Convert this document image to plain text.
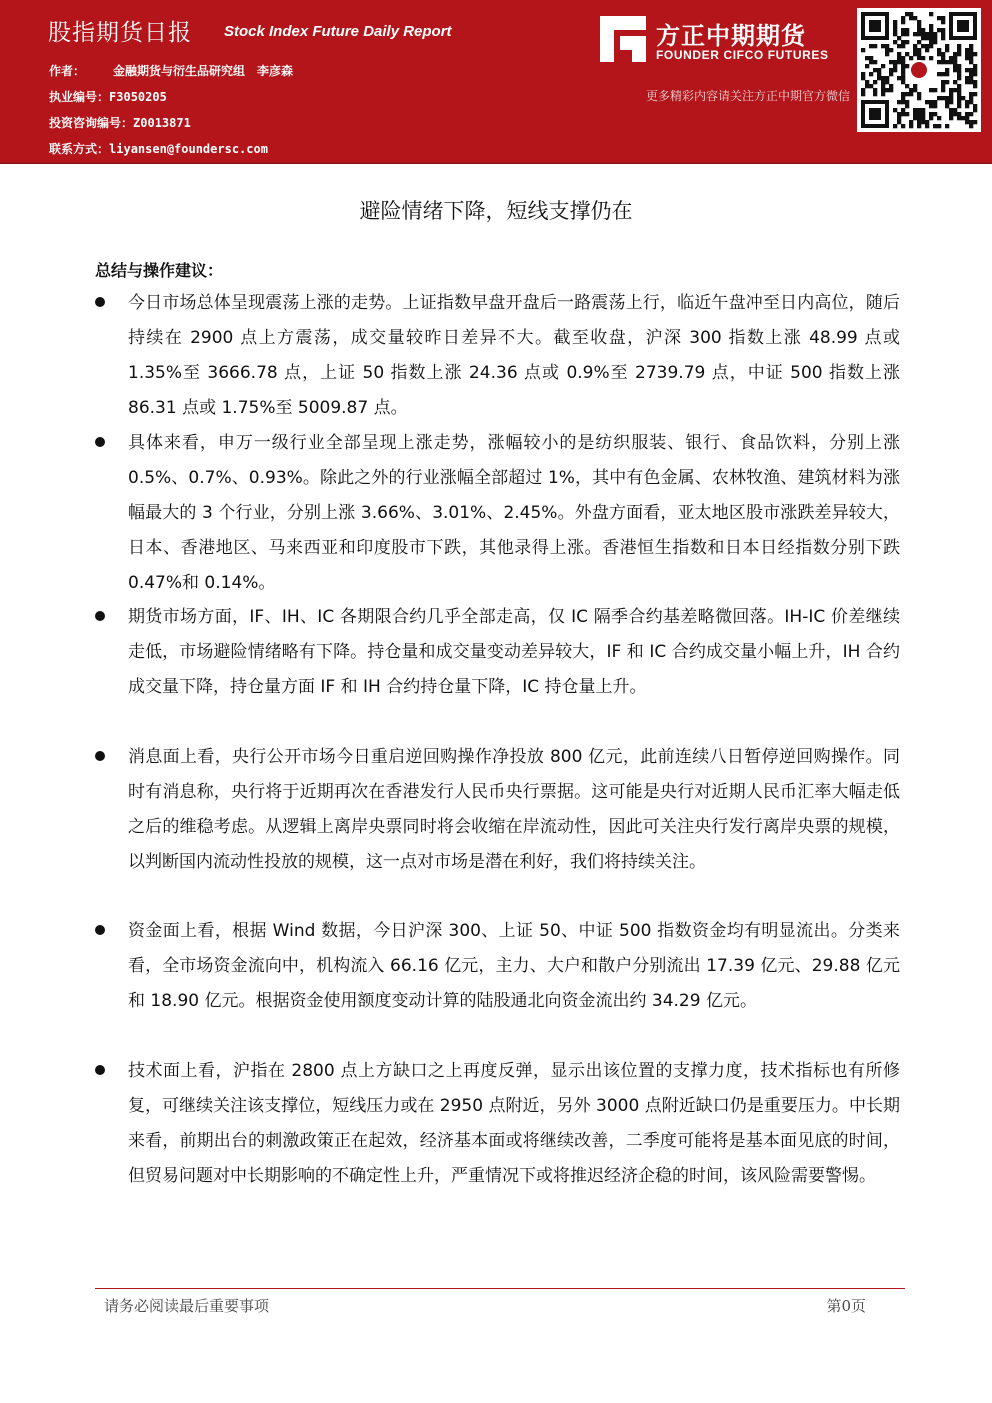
股指期货日报 Stock Index Future Daily Report
作者： 金融期货与衍生品研究组　李彦森
执业编号：F3050205
投资咨询编号：Z0013871
联系方式：liyansen@foundersc.com
方正中期期货
FOUNDER CIFCO FUTURES
更多精彩内容请关注方正中期官方微信
避险情绪下降，短线支撑仍在
总结与操作建议：

今日市场总体呈现震荡上涨的走势。上证指数早盘开盘后一路震荡上行，临近午盘冲至日内高位，随后持续在 2900 点上方震荡，成交量较昨日差异不大。截至收盘，沪深 300 指数上涨 48.99 点或 1.35%至 3666.78 点，上证 50 指数上涨 24.36 点或 0.9%至 2739.79 点，中证 500 指数上涨 86.31 点或 1.75%至 5009.87 点。

具体来看，申万一级行业全部呈现上涨走势，涨幅较小的是纺织服装、银行、食品饮料，分别上涨 0.5%、0.7%、0.93%。除此之外的行业涨幅全部超过 1%，其中有色金属、农林牧渔、建筑材料为涨幅最大的 3 个行业，分别上涨 3.66%、3.01%、2.45%。外盘方面看，亚太地区股市涨跌差异较大，日本、香港地区、马来西亚和印度股市下跌，其他录得上涨。香港恒生指数和日本日经指数分别下跌 0.47%和 0.14%。

期货市场方面，IF、IH、IC 各期限合约几乎全部走高，仅 IC 隔季合约基差略微回落。IH-IC 价差继续走低，市场避险情绪略有下降。持仓量和成交量变动差异较大，IF 和 IC 合约成交量小幅上升，IH 合约成交量下降，持仓量方面 IF 和 IH 合约持仓量下降，IC 持仓量上升。

消息面上看，央行公开市场今日重启逆回购操作净投放 800 亿元，此前连续八日暂停逆回购操作。同时有消息称，央行将于近期再次在香港发行人民币央行票据。这可能是央行对近期人民币汇率大幅走低之后的维稳考虑。从逻辑上离岸央票同时将会收缩在岸流动性，因此可关注央行发行离岸央票的规模，以判断国内流动性投放的规模，这一点对市场是潜在利好，我们将持续关注。

资金面上看，根据 Wind 数据，今日沪深 300、上证 50、中证 500 指数资金均有明显流出。分类来看，全市场资金流向中，机构流入 66.16 亿元，主力、大户和散户分别流出 17.39 亿元、29.88 亿元和 18.90 亿元。根据资金使用额度变动计算的陆股通北向资金流出约 34.29 亿元。

技术面上看，沪指在 2800 点上方缺口之上再度反弹，显示出该位置的支撑力度，技术指标也有所修复，可继续关注该支撑位，短线压力或在 2950 点附近，另外 3000 点附近缺口仍是重要压力。中长期来看，前期出台的刺激政策正在起效，经济基本面或将继续改善，二季度可能将是基本面见底的时间，但贸易问题对中长期影响的不确定性上升，严重情况下或将推迟经济企稳的时间，该风险需要警惕。

请务必阅读最后重要事项	第0页
